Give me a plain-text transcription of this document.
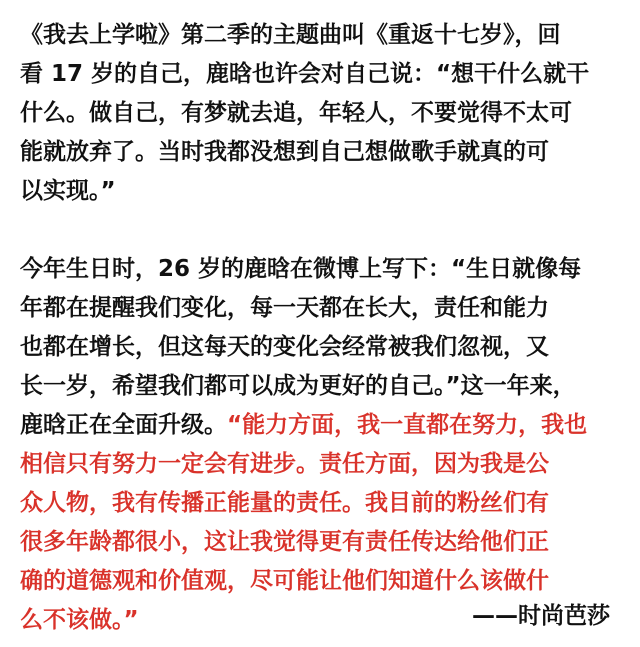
《我去上学啦》第二季的主题曲叫《重返十七岁》，回
看 17 岁的自己，鹿晗也许会对自己说：“想干什么就干
什么。做自己，有梦就去追，年轻人，不要觉得不太可
能就放弃了。当时我都没想到自己想做歌手就真的可
以实现。”
今年生日时，26 岁的鹿晗在微博上写下：“生日就像每
年都在提醒我们变化，每一天都在长大，责任和能力
也都在增长，但这每天的变化会经常被我们忽视，又
长一岁，希望我们都可以成为更好的自己。”这一年来，
鹿晗正在全面升级。“能力方面，我一直都在努力，我也
相信只有努力一定会有进步。责任方面，因为我是公
众人物，我有传播正能量的责任。我目前的粉丝们有
很多年龄都很小，这让我觉得更有责任传达给他们正
确的道德观和价值观，尽可能让他们知道什么该做什
么不该做。”	——时尚芭莎
